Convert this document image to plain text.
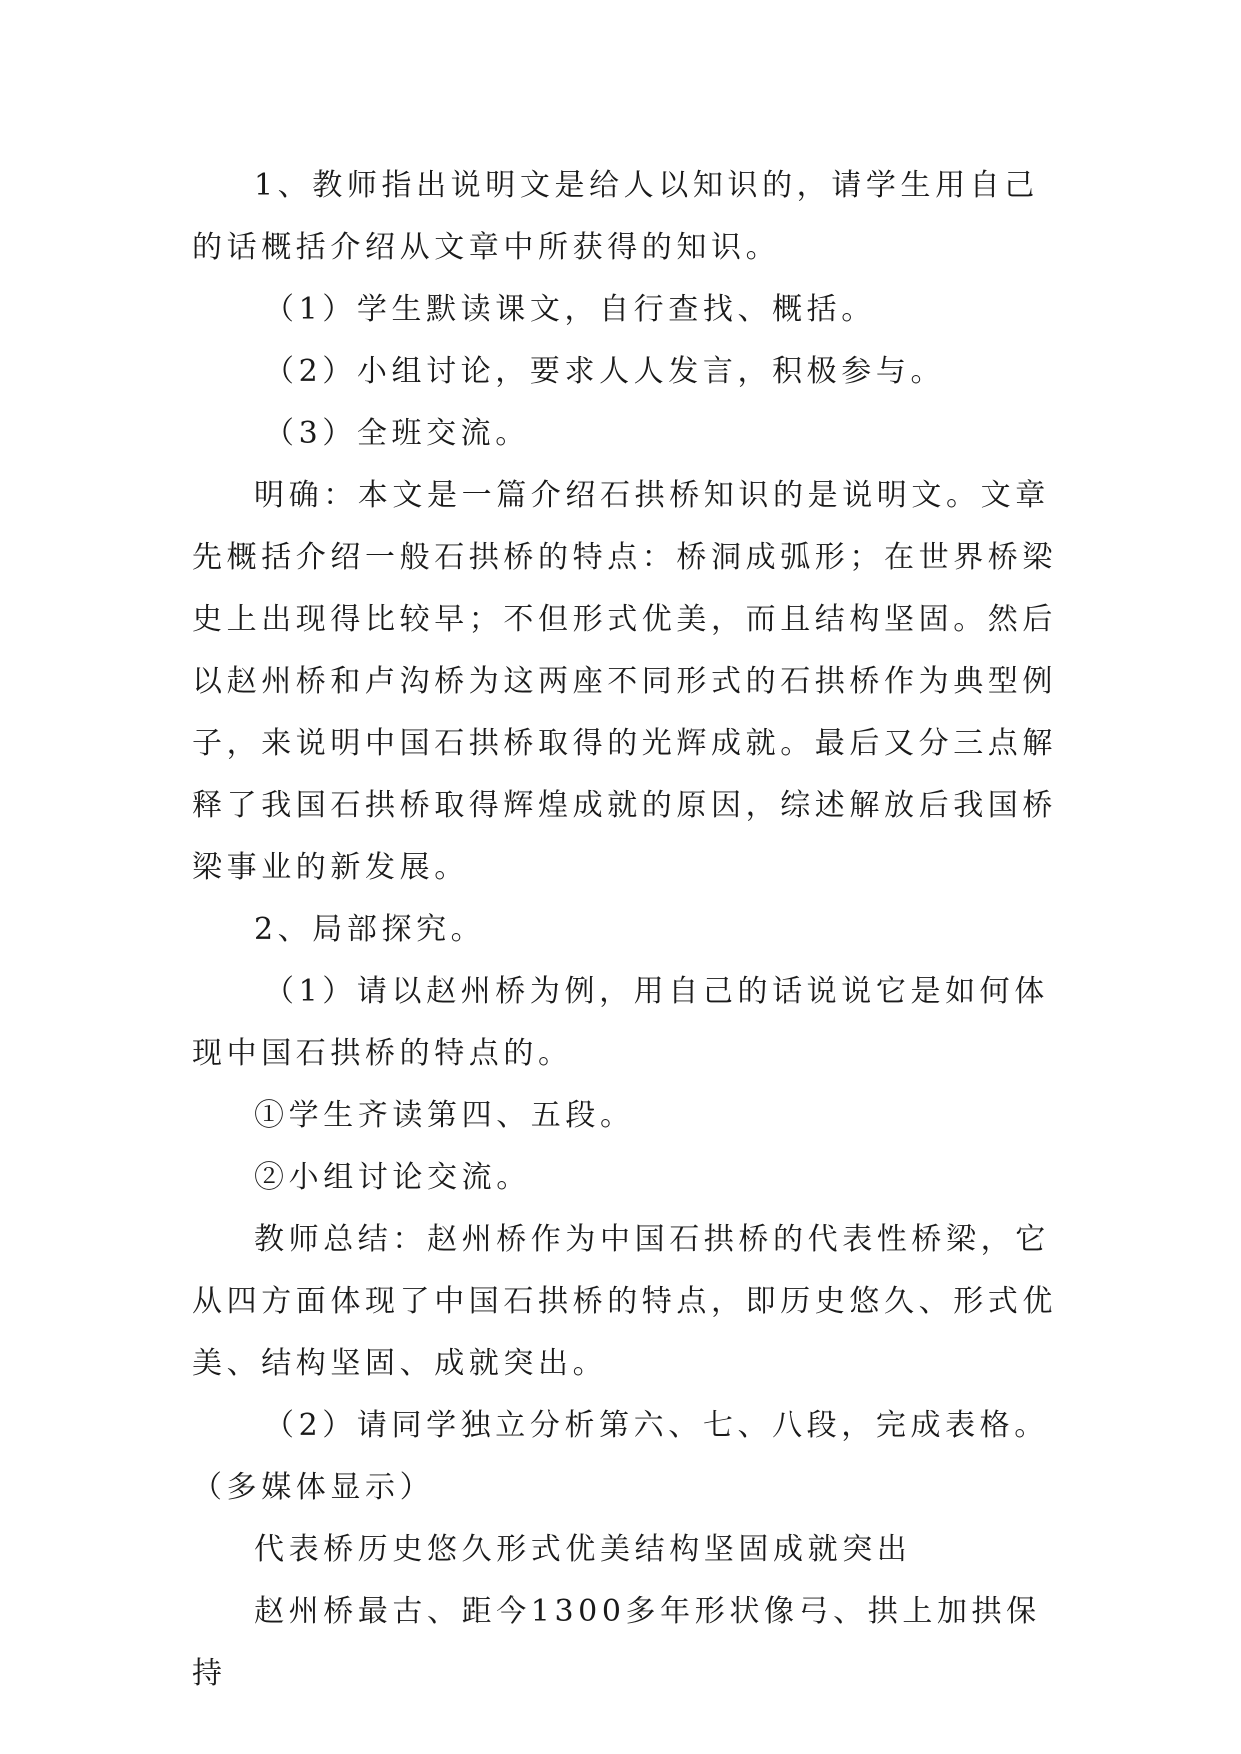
1、教师指出说明文是给人以知识的，请学生用自己的话概括介绍从文章中所获得的知识。

（1）学生默读课文，自行查找、概括。

（2）小组讨论，要求人人发言，积极参与。

（3）全班交流。

明确：本文是一篇介绍石拱桥知识的是说明文。文章先概括介绍一般石拱桥的特点：桥洞成弧形；在世界桥梁史上出现得比较早；不但形式优美，而且结构坚固。然后以赵州桥和卢沟桥为这两座不同形式的石拱桥作为典型例子，来说明中国石拱桥取得的光辉成就。最后又分三点解释了我国石拱桥取得辉煌成就的原因，综述解放后我国桥梁事业的新发展。

2、局部探究。

（1）请以赵州桥为例，用自己的话说说它是如何体现中国石拱桥的特点的。

①学生齐读第四、五段。

②小组讨论交流。

教师总结：赵州桥作为中国石拱桥的代表性桥梁，它从四方面体现了中国石拱桥的特点，即历史悠久、形式优美、结构坚固、成就突出。

（2）请同学独立分析第六、七、八段，完成表格。（多媒体显示）

代表桥历史悠久形式优美结构坚固成就突出

赵州桥最古、距今1300多年形状像弓、拱上加拱保持
